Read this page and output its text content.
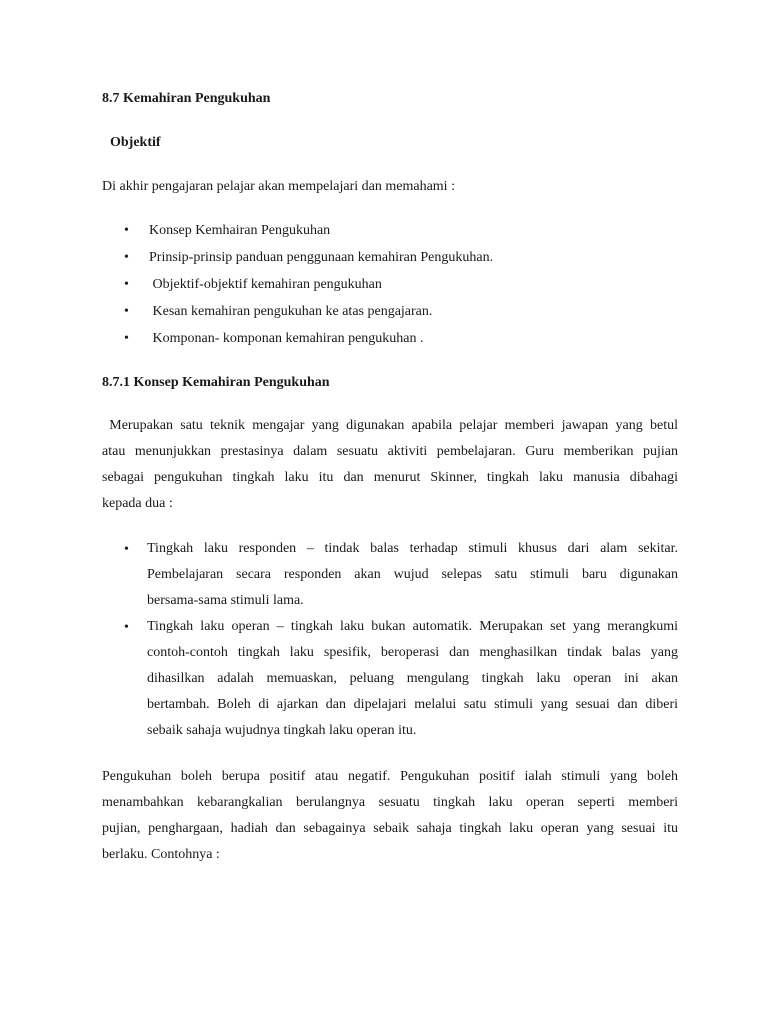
8.7 Kemahiran Pengukuhan
Objektif
Di akhir pengajaran pelajar akan mempelajari dan memahami :
• Konsep Kemhairan Pengukuhan
• Prinsip-prinsip panduan penggunaan kemahiran Pengukuhan.
• Objektif-objektif kemahiran pengukuhan
• Kesan kemahiran pengukuhan ke atas pengajaran.
• Komponan- komponan kemahiran pengukuhan .
8.7.1 Konsep Kemahiran Pengukuhan
Merupakan satu teknik mengajar yang digunakan apabila pelajar memberi jawapan yang betul
atau menunjukkan prestasinya dalam sesuatu aktiviti pembelajaran. Guru memberikan pujian
sebagai pengukuhan tingkah laku itu dan menurut Skinner, tingkah laku manusia dibahagi
kepada dua :
• Tingkah laku responden – tindak balas terhadap stimuli khusus dari alam sekitar.
Pembelajaran secara responden akan wujud selepas satu stimuli baru digunakan
bersama-sama stimuli lama.
• Tingkah laku operan – tingkah laku bukan automatik. Merupakan set yang merangkumi
contoh-contoh tingkah laku spesifik, beroperasi dan menghasilkan tindak balas yang
dihasilkan adalah memuaskan, peluang mengulang tingkah laku operan ini akan
bertambah. Boleh di ajarkan dan dipelajari melalui satu stimuli yang sesuai dan diberi
sebaik sahaja wujudnya tingkah laku operan itu.
Pengukuhan boleh berupa positif atau negatif. Pengukuhan positif ialah stimuli yang boleh
menambahkan kebarangkalian berulangnya sesuatu tingkah laku operan seperti memberi
pujian, penghargaan, hadiah dan sebagainya sebaik sahaja tingkah laku operan yang sesuai itu
berlaku. Contohnya :
